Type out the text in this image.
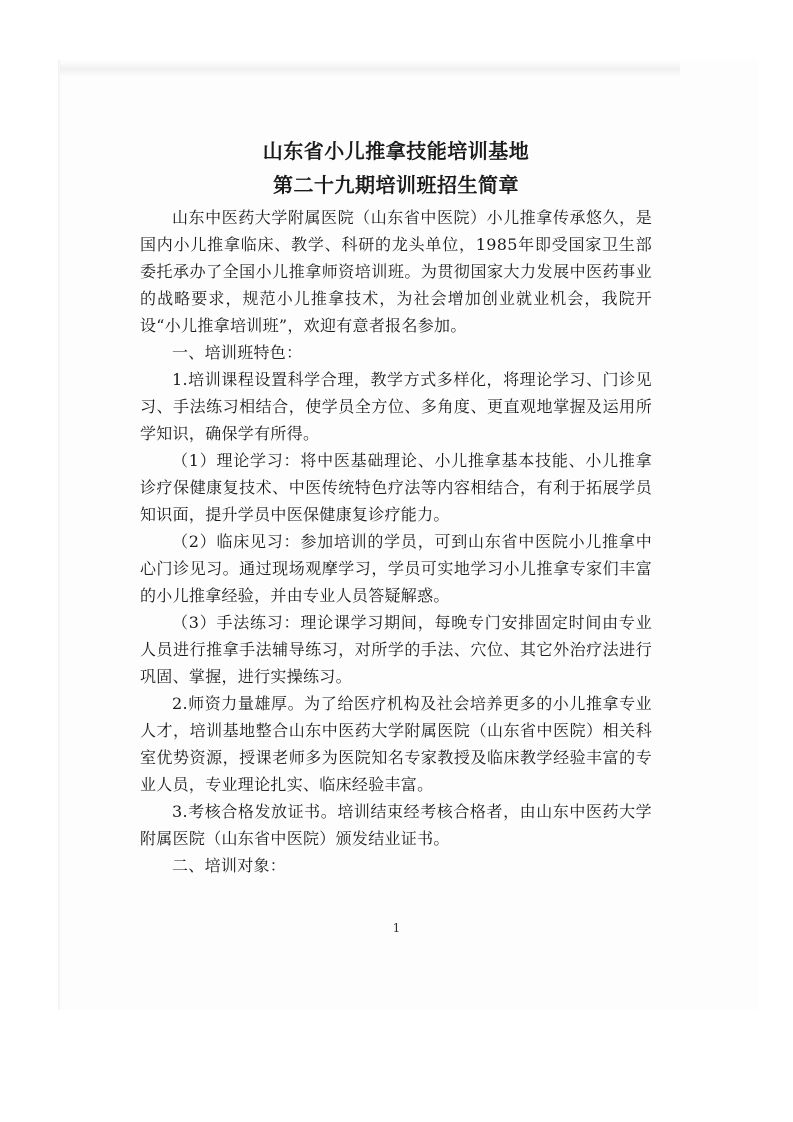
山东省小儿推拿技能培训基地
第二十九期培训班招生简章

山东中医药大学附属医院（山东省中医院）小儿推拿传承悠久，是国内小儿推拿临床、教学、科研的龙头单位，1985年即受国家卫生部委托承办了全国小儿推拿师资培训班。为贯彻国家大力发展中医药事业的战略要求，规范小儿推拿技术，为社会增加创业就业机会，我院开设“小儿推拿培训班”，欢迎有意者报名参加。

一、培训班特色：

1.培训课程设置科学合理，教学方式多样化，将理论学习、门诊见习、手法练习相结合，使学员全方位、多角度、更直观地掌握及运用所学知识，确保学有所得。

（1）理论学习：将中医基础理论、小儿推拿基本技能、小儿推拿诊疗保健康复技术、中医传统特色疗法等内容相结合，有利于拓展学员知识面，提升学员中医保健康复诊疗能力。

（2）临床见习：参加培训的学员，可到山东省中医院小儿推拿中心门诊见习。通过现场观摩学习，学员可实地学习小儿推拿专家们丰富的小儿推拿经验，并由专业人员答疑解惑。

（3）手法练习：理论课学习期间，每晚专门安排固定时间由专业人员进行推拿手法辅导练习，对所学的手法、穴位、其它外治疗法进行巩固、掌握，进行实操练习。

2.师资力量雄厚。为了给医疗机构及社会培养更多的小儿推拿专业人才，培训基地整合山东中医药大学附属医院（山东省中医院）相关科室优势资源，授课老师多为医院知名专家教授及临床教学经验丰富的专业人员，专业理论扎实、临床经验丰富。

3.考核合格发放证书。培训结束经考核合格者，由山东中医药大学附属医院（山东省中医院）颁发结业证书。

二、培训对象：

1
